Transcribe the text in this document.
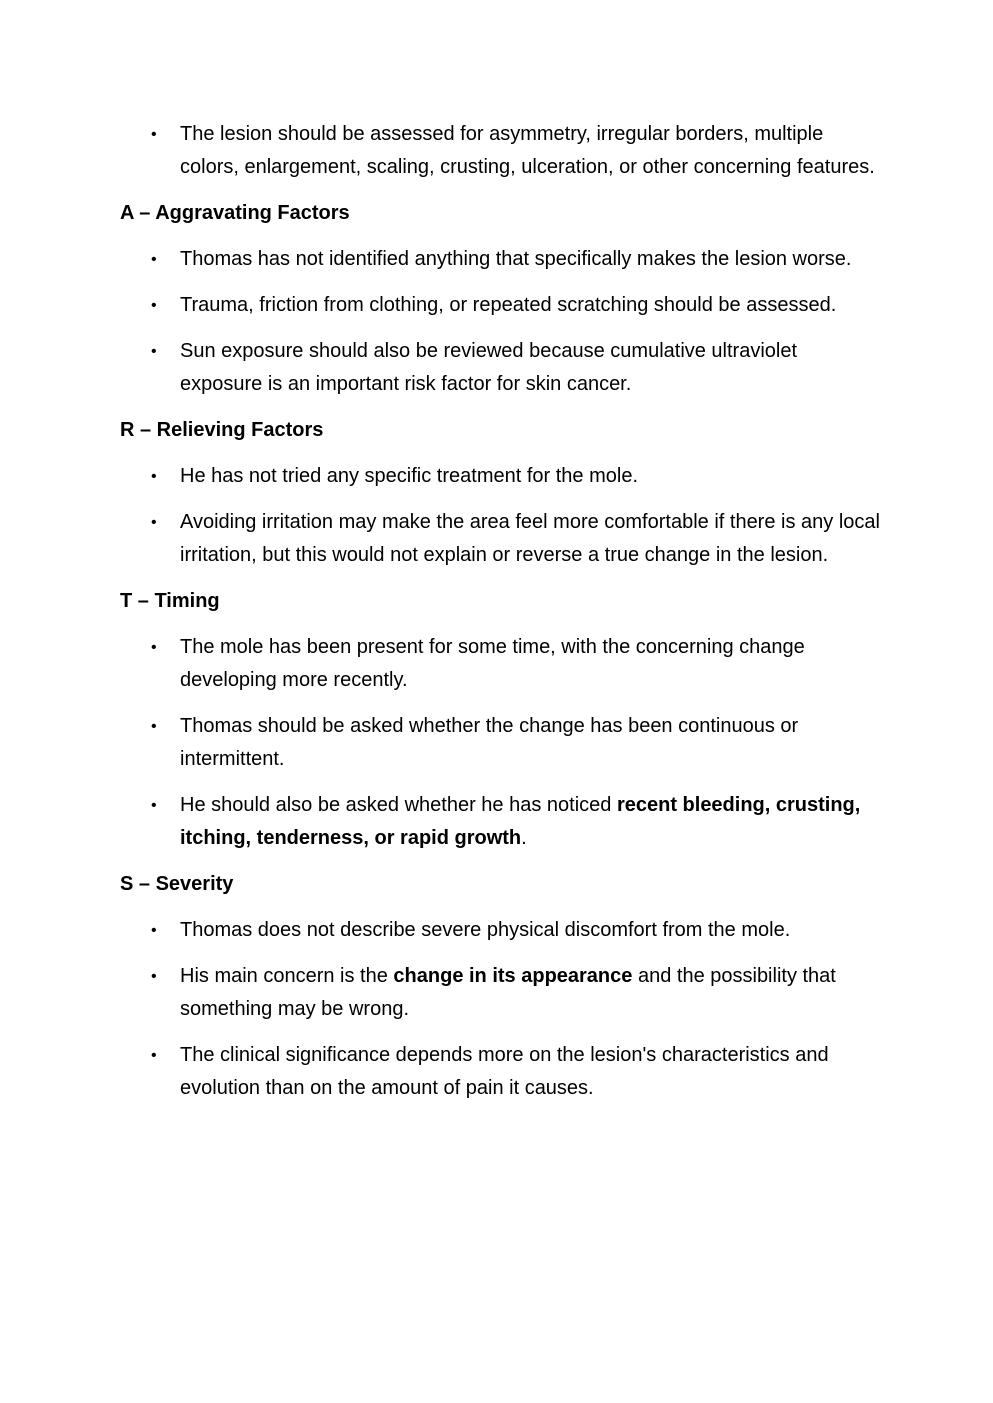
• The lesion should be assessed for asymmetry, irregular borders, multiple colors, enlargement, scaling, crusting, ulceration, or other concerning features.
A – Aggravating Factors
• Thomas has not identified anything that specifically makes the lesion worse.
• Trauma, friction from clothing, or repeated scratching should be assessed.
• Sun exposure should also be reviewed because cumulative ultraviolet exposure is an important risk factor for skin cancer.
R – Relieving Factors
• He has not tried any specific treatment for the mole.
• Avoiding irritation may make the area feel more comfortable if there is any local irritation, but this would not explain or reverse a true change in the lesion.
T – Timing
• The mole has been present for some time, with the concerning change developing more recently.
• Thomas should be asked whether the change has been continuous or intermittent.
• He should also be asked whether he has noticed recent bleeding, crusting, itching, tenderness, or rapid growth.
S – Severity
• Thomas does not describe severe physical discomfort from the mole.
• His main concern is the change in its appearance and the possibility that something may be wrong.
• The clinical significance depends more on the lesion's characteristics and evolution than on the amount of pain it causes.
